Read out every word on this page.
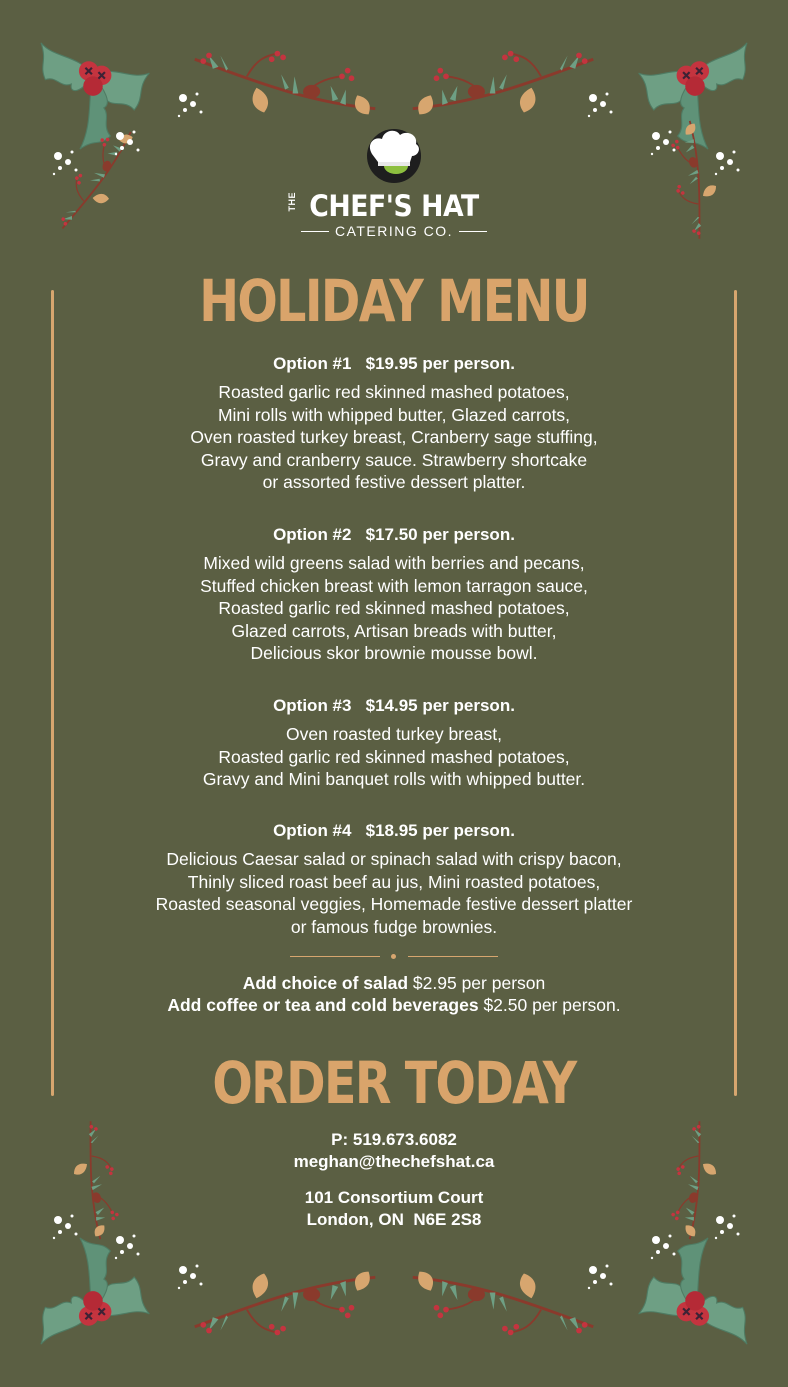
THE CHEF'S HAT
CATERING CO.
HOLIDAY MENU
Option #1   $19.95 per person.
Roasted garlic red skinned mashed potatoes,
Mini rolls with whipped butter, Glazed carrots,
Oven roasted turkey breast, Cranberry sage stuffing,
Gravy and cranberry sauce. Strawberry shortcake
or assorted festive dessert platter.
Option #2   $17.50 per person.
Mixed wild greens salad with berries and pecans,
Stuffed chicken breast with lemon tarragon sauce,
Roasted garlic red skinned mashed potatoes,
Glazed carrots, Artisan breads with butter,
Delicious skor brownie mousse bowl.
Option #3   $14.95 per person.
Oven roasted turkey breast,
Roasted garlic red skinned mashed potatoes,
Gravy and Mini banquet rolls with whipped butter.
Option #4   $18.95 per person.
Delicious Caesar salad or spinach salad with crispy bacon,
Thinly sliced roast beef au jus, Mini roasted potatoes,
Roasted seasonal veggies, Homemade festive dessert platter
or famous fudge brownies.
Add choice of salad $2.95 per person
Add coffee or tea and cold beverages $2.50 per person.
ORDER TODAY
P: 519.673.6082
meghan@thechefshat.ca
101 Consortium Court
London, ON  N6E 2S8
